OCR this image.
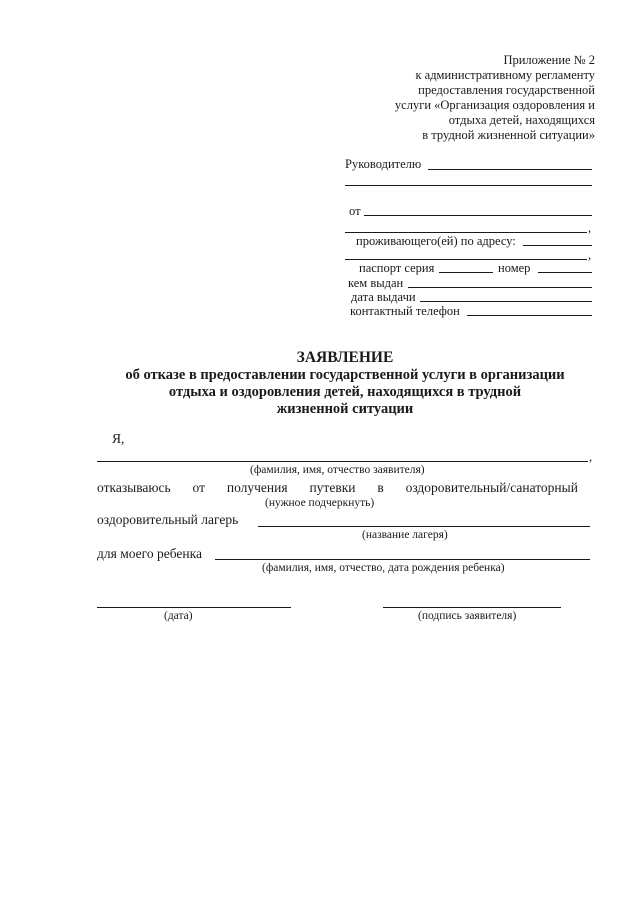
Приложение № 2
к административному регламенту
предоставления государственной
услуги «Организация оздоровления и
отдыха детей, находящихся
в трудной жизненной ситуации»
Руководителю
от
,
проживающего(ей) по адресу:
,
паспорт серия	номер
кем выдан
дата выдачи
контактный телефон
ЗАЯВЛЕНИЕ
об отказе в предоставлении государственной услуги в организации
отдыха и оздоровления детей, находящихся в трудной
жизненной ситуации
Я,
,
(фамилия, имя, отчество заявителя)
отказываюсь от получения путевки в оздоровительный/санаторный
(нужное подчеркнуть)
оздоровительный лагерь
(название лагеря)
для моего ребенка
(фамилия, имя, отчество, дата рождения ребенка)
(дата)	(подпись заявителя)
